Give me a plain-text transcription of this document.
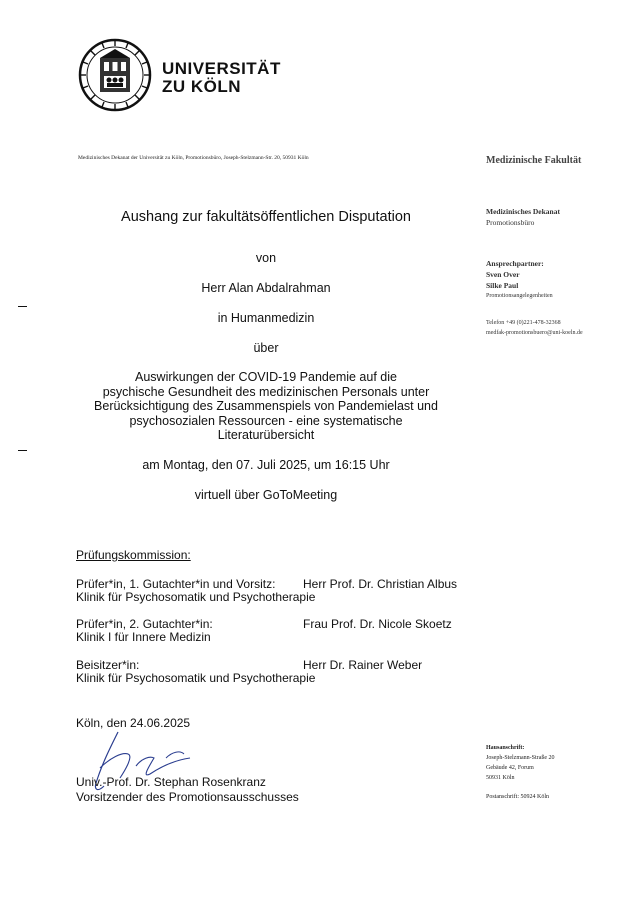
UNIVERSITÄT
ZU KÖLN
Medizinisches Dekanat der Universität zu Köln, Promotionsbüro, Joseph-Stelzmann-Str. 20, 50931 Köln	Medizinische Fakultät
Medizinisches Dekanat
Promotionsbüro
Ansprechpartner:
Sven Over
Silke Paul
Promotionsangelegenheiten
Telefon +49 (0)221-478-32368
medfak-promotionsbuero@uni-koeln.de
Aushang zur fakultätsöffentlichen Disputation
von
Herr Alan Abdalrahman
in Humanmedizin
über
Auswirkungen der COVID-19 Pandemie auf die
psychische Gesundheit des medizinischen Personals unter
Berücksichtigung des Zusammenspiels von Pandemielast und
psychosozialen Ressourcen - eine systematische
Literaturübersicht
am Montag, den 07. Juli 2025, um 16:15 Uhr
virtuell über GoToMeeting
Prüfungskommission:
Prüfer*in, 1. Gutachter*in und Vorsitz: Herr Prof. Dr. Christian Albus
Klinik für Psychosomatik und Psychotherapie
Prüfer*in, 2. Gutachter*in:	Frau Prof. Dr. Nicole Skoetz
Klinik I für Innere Medizin
Beisitzer*in:	Herr Dr. Rainer Weber
Klinik für Psychosomatik und Psychotherapie
Köln, den 24.06.2025
Univ.-Prof. Dr. Stephan Rosenkranz
Vorsitzender des Promotionsausschusses
Hausanschrift:
Joseph-Stelzmann-Straße 20
Gebäude 42, Forum
50931 Köln
Postanschrift: 50924 Köln
